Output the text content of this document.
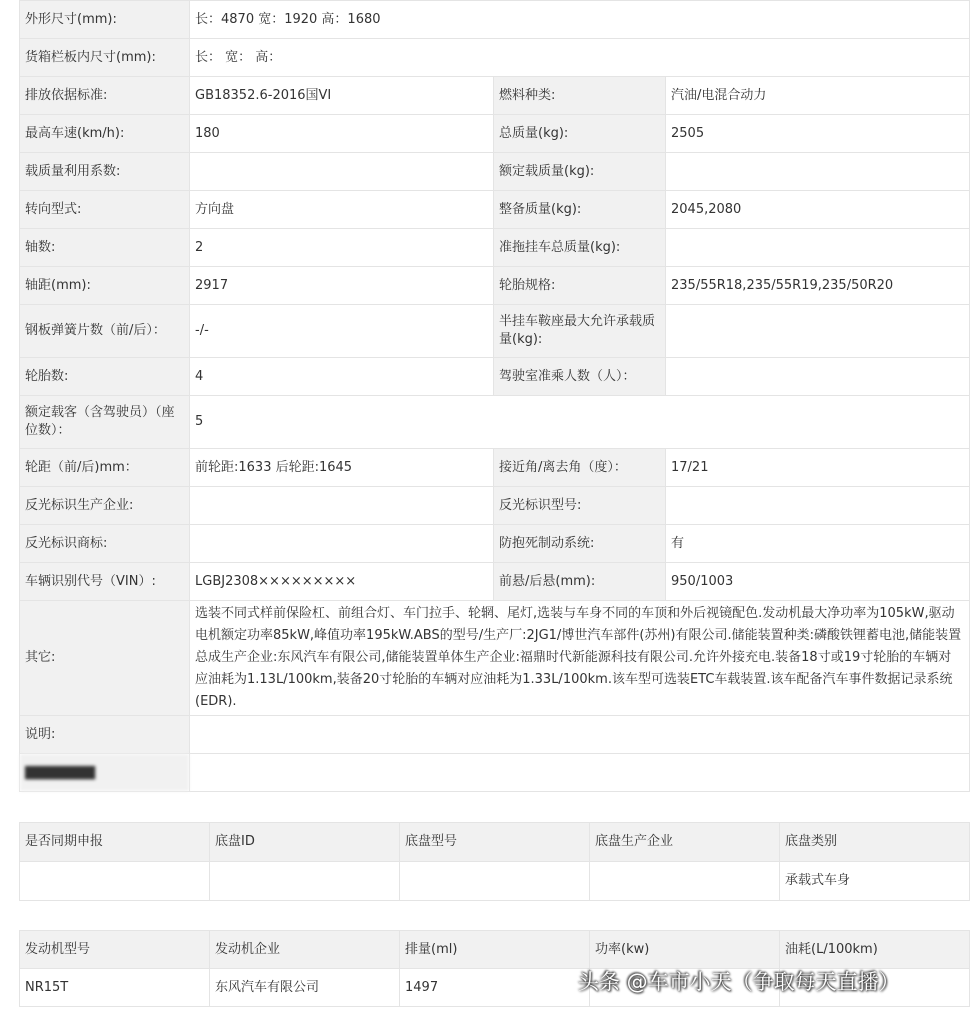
外形尺寸(mm):	长：4870 宽：1920 高：1680		
货箱栏板内尺寸(mm):	长： 宽： 高：		
排放依据标准:	GB18352.6-2016国VI	燃料种类:	汽油/电混合动力
最高车速(km/h):	180	总质量(kg):	2505
载质量利用系数:		额定载质量(kg):	
转向型式:	方向盘	整备质量(kg):	2045,2080
轴数:	2	准拖挂车总质量(kg):	
轴距(mm):	2917	轮胎规格:	235/55R18,235/55R19,235/50R20
钢板弹簧片数（前/后）：	-/-	半挂车鞍座最大允许承载质量(kg):	
轮胎数:	4	驾驶室准乘人数（人）：	
额定载客（含驾驶员）（座位数）：	5		
轮距（前/后)mm：	前轮距:1633 后轮距:1645	接近角/离去角（度）：	17/21
反光标识生产企业:		反光标识型号:	
反光标识商标:		防抱死制动系统:	有
车辆识别代号（VIN）:	LGBJ2308×××××××××	前悬/后悬(mm):	950/1003
其它:	选装不同式样前保险杠、前组合灯、车门拉手、轮辋、尾灯,选装与车身不同的车顶和外后视镜配色.发动机最大净功率为105kW,驱动电机额定功率85kW,峰值功率195kW.ABS的型号/生产厂:2JG1/博世汽车部件(苏州)有限公司.储能装置种类:磷酸铁锂蓄电池,储能装置总成生产企业:东风汽车有限公司,储能装置单体生产企业:福鼎时代新能源科技有限公司.允许外接充电.装备18寸或19寸轮胎的车辆对应油耗为1.13L/100km,装备20寸轮胎的车辆对应油耗为1.33L/100km.该车型可选装ETC车载装置.该车配备汽车事件数据记录系统(EDR).		
说明:			
▇▇▇▇▇▇▇			
是否同期申报	底盘ID	底盘型号	底盘生产企业	底盘类别
				承载式车身
发动机型号	发动机企业	排量(ml)	功率(kw)	油耗(L/100km)
NR15T	东风汽车有限公司	1497			头条 @车市小天（争取每天直播）
